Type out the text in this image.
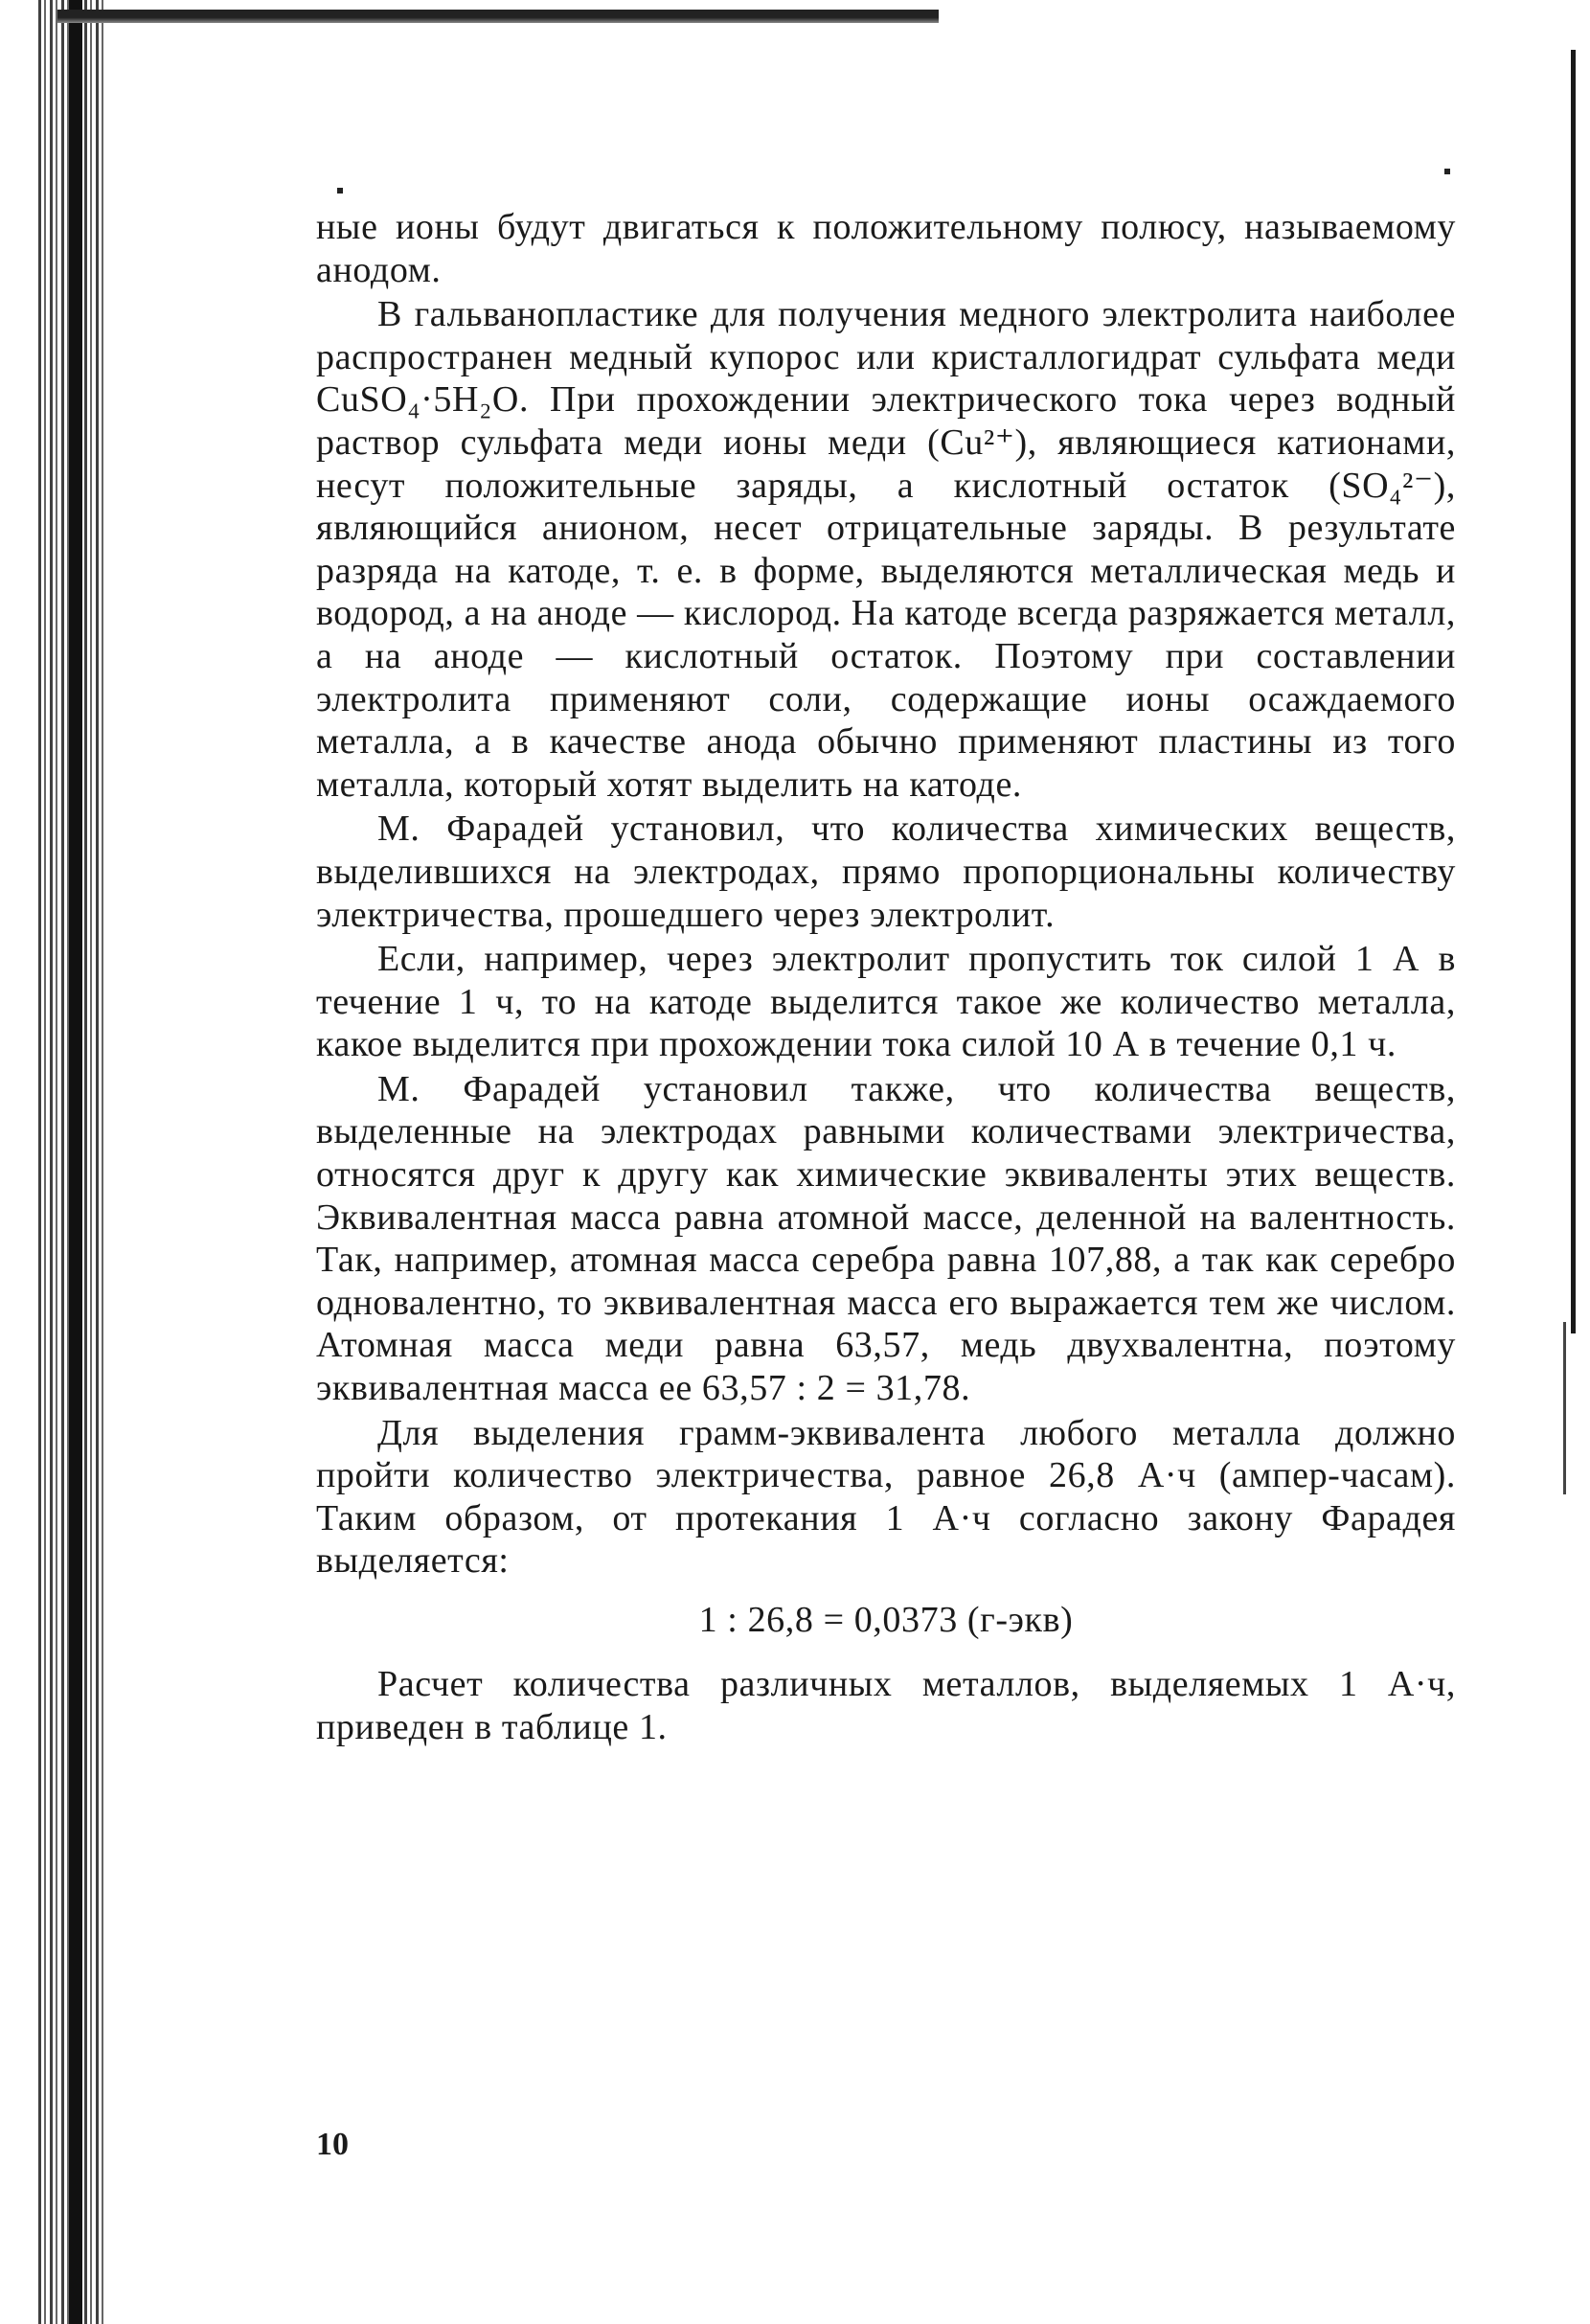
ные ионы будут двигаться к положительному полюсу, называемому анодом.

В гальванопластике для получения медного электролита наиболее распространен медный купорос или кристаллогидрат сульфата меди CuSO₄·5H₂O. При прохождении электрического тока через водный раствор сульфата меди ионы меди (Cu²⁺), являющиеся катионами, несут положительные заряды, а кислотный остаток (SO₄²⁻), являющийся анионом, несет отрицательные заряды. В результате разряда на катоде, т. е. в форме, выделяются металлическая медь и водород, а на аноде — кислород. На катоде всегда разряжается металл, а на аноде — кислотный остаток. Поэтому при составлении электролита применяют соли, содержащие ионы осаждаемого металла, а в качестве анода обычно применяют пластины из того металла, который хотят выделить на катоде.

М. Фарадей установил, что количества химических веществ, выделившихся на электродах, прямо пропорциональны количеству электричества, прошедшего через электролит.

Если, например, через электролит пропустить ток силой 1 А в течение 1 ч, то на катоде выделится такое же количество металла, какое выделится при прохождении тока силой 10 А в течение 0,1 ч.

М. Фарадей установил также, что количества веществ, выделенные на электродах равными количествами электричества, относятся друг к другу как химические эквиваленты этих веществ. Эквивалентная масса равна атомной массе, деленной на валентность. Так, например, атомная масса серебра равна 107,88, а так как серебро одновалентно, то эквивалентная масса его выражается тем же числом. Атомная масса меди равна 63,57, медь двухвалентна, поэтому эквивалентная масса ее 63,57 : 2 = 31,78.

Для выделения грамм-эквивалента любого металла должно пройти количество электричества, равное 26,8 А·ч (ампер-часам). Таким образом, от протекания 1 А·ч согласно закону Фарадея выделяется:

1 : 26,8 = 0,0373 (г-экв)

Расчет количества различных металлов, выделяемых 1 А·ч, приведен в таблице 1.

10
